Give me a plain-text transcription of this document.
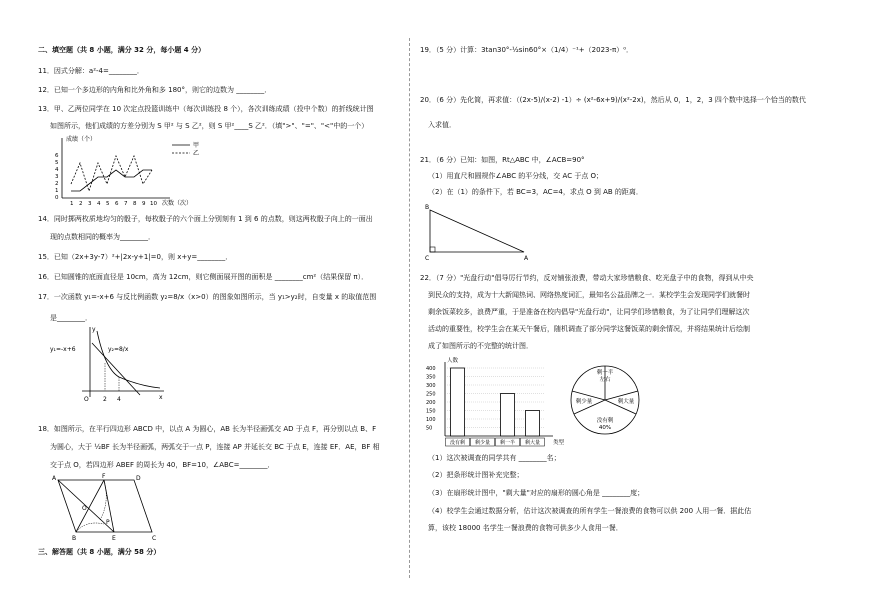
二、填空题（共 8 小题，满分 32 分，每小题 4 分）
11．因式分解：a²-4=________．
12．已知一个多边形的内角和比外角和多 180°，则它的边数为 ________．
13．甲、乙两位同学在 10 次定点投篮训练中（每次训练投 8 个），各次训练成绩（投中个数）的折线统计图
如图所示，他们成绩的方差分别为 S 甲² 与 S 乙²，则 S 甲²____S 乙²．（填">"、"="、"<"中的一个）
成绩（个）
次数（次）
0
1
2
3
4
5
6
1 2 3 4 5 6 7 8 9 10
甲
乙
14．同时掷两枚质地均匀的骰子，每枚骰子的六个面上分别刻有 1 到 6 的点数，则这两枚骰子向上的一面出
现的点数相同的概率为________．
15．已知（2x+3y-7）²+|2x-y+1|=0，则 x+y=________．
16．已知圆锥的底面直径是 10cm，高为 12cm，则它侧面展开图的面积是 ________cm²（结果保留 π）．
17．一次函数 y₁=-x+6 与反比例函数 y₂=8/x（x>0）的图象如图所示，当 y₁>y₂时，自变量 x 的取值范围
是________．
y
x
O 2 4
y₁=-x+6	y₂=8/x
18．如图所示，在平行四边形 ABCD 中，以点 A 为圆心，AB 长为半径画弧交 AD 于点 F，再分别以点 B、F
为圆心，大于 ½BF 长为半径画弧，两弧交于一点 P，连接 AP 并延长交 BC 于点 E，连接 EF．AE，BF 相
交于点 O，若四边形 ABEF 的周长为 40，BF=10，∠ABC=________．
A
B	C
D
E
F
O
P
三、解答题（共 8 小题，满分 58 分）
19．（5 分）计算：3tan30°-½sin60°×（1/4）⁻¹+（2023-π）⁰．
20．（6 分）先化简，再求值：（(2x-5)/(x-2) -1）÷ (x²-6x+9)/(x²-2x)，然后从 0，1，2，3 四个数中选择一个恰当的数代
入求值．
21．（6 分）已知：如图，Rt△ABC 中，∠ACB=90°
（1）用直尺和圆规作∠ABC 的平分线，交 AC 于点 O；
（2）在（1）的条件下，若 BC=3，AC=4，求点 O 到 AB 的距离．
B
C	A
22．（7 分）"光盘行动"倡导厉行节约，反对铺张浪费，带动大家珍惜粮食、吃光盘子中的食物，得到从中央
到民众的支持，成为十大新闻热词、网络热度词汇，最知名公益品牌之一．某校学生会发现同学们就餐时
剩余饭菜较多，浪费严重，于是准备在校内倡导"光盘行动"，让同学们珍惜粮食，为了让同学们理解这次
活动的重要性，校学生会在某天午餐后，随机调查了部分同学这餐饭菜的剩余情况，并将结果统计后绘制
成了如图所示的不完整的统计图．
人数
类型
400
350
300
250
200
150
100
50
没有剩 剩少量 剩一半 剩大量
剩一半
左右
剩少量	剩大量
没有剩
40%
（1）这次被调查的同学共有 ________名；
（2）把条形统计图补充完整；
（3）在扇形统计图中，"剩大量"对应的扇形的圆心角是 ________度；
（4）校学生会通过数据分析，估计这次被调查的所有学生一餐浪费的食物可以供 200 人用一餐．据此估
算，该校 18000 名学生一餐浪费的食物可供多少人食用一餐．
